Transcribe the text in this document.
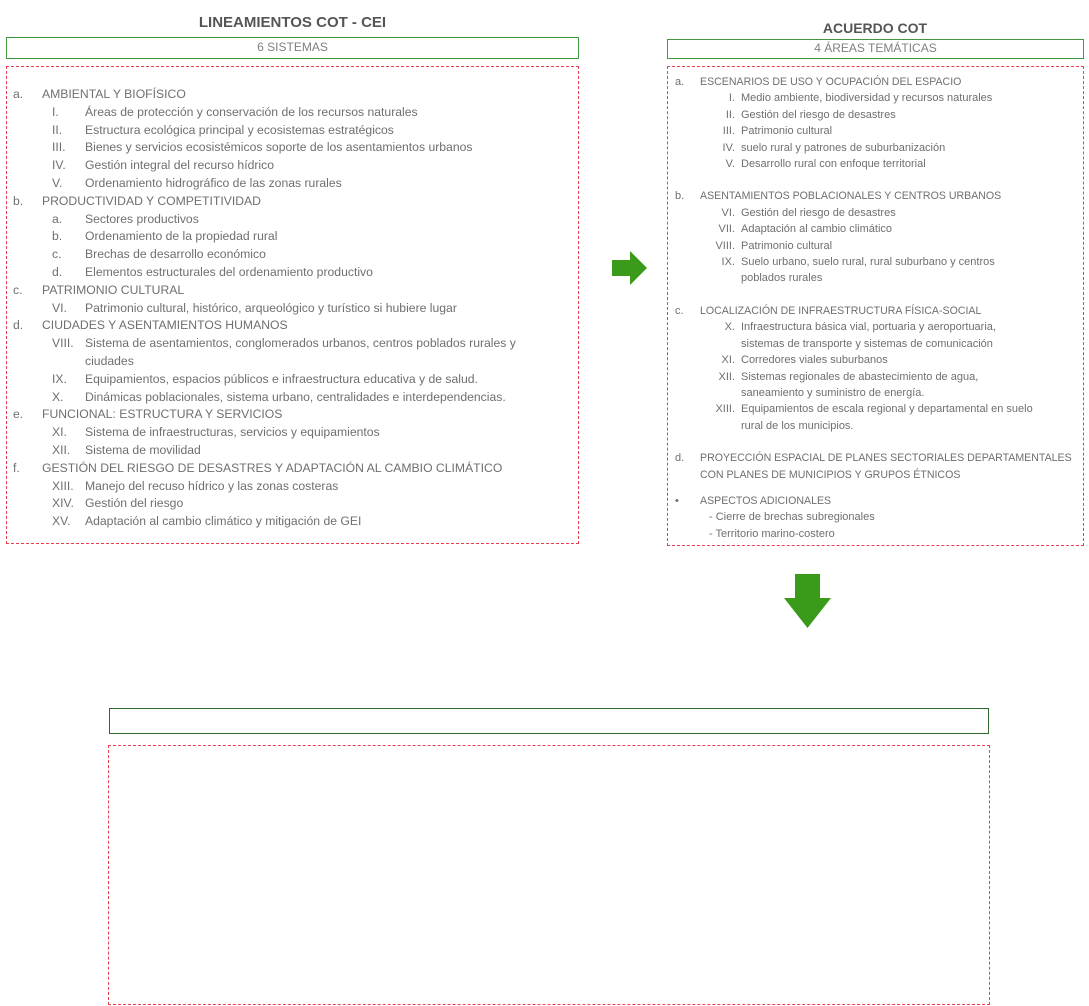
LINEAMIENTOS COT - CEI
6 SISTEMAS
a.	AMBIENTAL Y BIOFÍSICO
I.	Áreas de protección y conservación de los recursos naturales
II.	Estructura ecológica principal y ecosistemas estratégicos
III.	Bienes y servicios ecosistémicos soporte de los asentamientos urbanos
IV.	Gestión integral del recurso hídrico
V.	Ordenamiento hidrográfico de las zonas rurales
b.	PRODUCTIVIDAD Y COMPETITIVIDAD
a.	Sectores productivos
b.	Ordenamiento de la propiedad rural
c.	Brechas de desarrollo económico
d.	Elementos estructurales del ordenamiento productivo
c.	PATRIMONIO CULTURAL
VI.	Patrimonio cultural, histórico, arqueológico y turístico si hubiere lugar
d.	CIUDADES Y ASENTAMIENTOS HUMANOS
VIII. Sistema de asentamientos, conglomerados urbanos, centros poblados rurales y
ciudades
IX.	Equipamientos, espacios públicos e infraestructura educativa y de salud.
X.	Dinámicas poblacionales, sistema urbano, centralidades e interdependencias.
e.	FUNCIONAL: ESTRUCTURA Y SERVICIOS
XI.	Sistema de infraestructuras, servicios y equipamientos
XII.	Sistema de movilidad
f.	GESTIÓN DEL RIESGO DE DESASTRES Y ADAPTACIÓN AL CAMBIO CLIMÁTICO
XIII. Manejo del recuso hídrico y las zonas costeras
XIV. Gestión del riesgo
XV.	Adaptación al cambio climático y mitigación de GEI
ACUERDO COT
4 ÁREAS TEMÁTICAS
a.	ESCENARIOS DE USO Y OCUPACIÓN DEL ESPACIO
I. Medio ambiente, biodiversidad y recursos naturales
II. Gestión del riesgo de desastres
III. Patrimonio cultural
IV. suelo rural y patrones de suburbanización
V. Desarrollo rural con enfoque territorial
b.	ASENTAMIENTOS POBLACIONALES Y CENTROS URBANOS
VI. Gestión del riesgo de desastres
VII. Adaptación al cambio climático
VIII. Patrimonio cultural
IX. Suelo urbano, suelo rural, rural suburbano y centros
poblados rurales
c.	LOCALIZACIÓN DE INFRAESTRUCTURA FÍSICA-SOCIAL
X. Infraestructura básica vial, portuaria y aeroportuaria,
sistemas de transporte y sistemas de comunicación
XI. Corredores viales suburbanos
XII. Sistemas regionales de abastecimiento de agua,
saneamiento y suministro de energía.
XIII. Equipamientos de escala regional y departamental en suelo
rural de los municipios.
d.	PROYECCIÓN ESPACIAL DE PLANES SECTORIALES DEPARTAMENTALES
CON PLANES DE MUNICIPIOS Y GRUPOS ÉTNICOS
•	ASPECTOS ADICIONALES
- Cierre de brechas subregionales
- Territorio marino-costero
